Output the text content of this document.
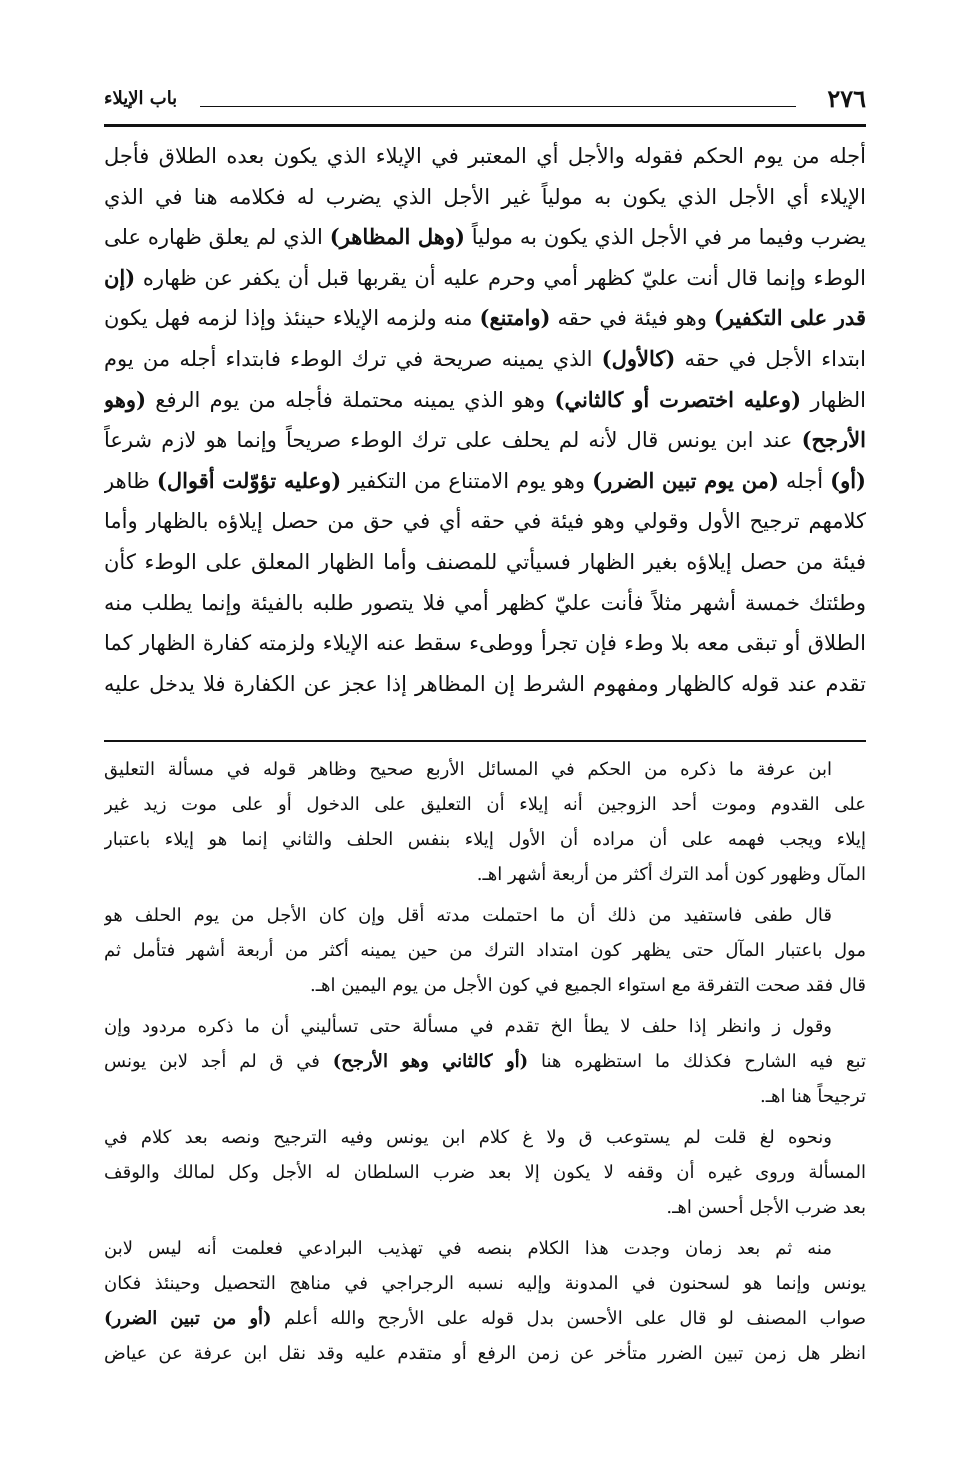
٢٧٦
باب الإيلاء
أجله من يوم الحكم فقوله والأجل أي المعتبر في الإيلاء الذي يكون بعده الطلاق فأجل
الإيلاء أي الأجل الذي يكون به مولياً غير الأجل الذي يضرب له فكلامه هنا في الذي
يضرب وفيما مر في الأجل الذي يكون به مولياً (وهل المظاهر) الذي لم يعلق ظهاره على
الوطء وإنما قال أنت عليّ كظهر أمي وحرم عليه أن يقربها قبل أن يكفر عن ظهاره (إن
قدر على التكفير) وهو فيئة في حقه (وامتنع) منه ولزمه الإيلاء حينئذ وإذا لزمه فهل يكون
ابتداء الأجل في حقه (كالأول) الذي يمينه صريحة في ترك الوطء فابتداء أجله من يوم
الظهار (وعليه اختصرت أو كالثاني) وهو الذي يمينه محتملة فأجله من يوم الرفع (وهو
الأرجح) عند ابن يونس قال لأنه لم يحلف على ترك الوطء صريحاً وإنما هو لازم شرعاً
(أو) أجله (من يوم تبين الضرر) وهو يوم الامتناع من التكفير (وعليه تؤوّلت أقوال) ظاهر
كلامهم ترجيح الأول وقولي وهو فيئة في حقه أي في حق من حصل إيلاؤه بالظهار وأما
فيئة من حصل إيلاؤه بغير الظهار فسيأتي للمصنف وأما الظهار المعلق على الوطء كأن
وطئتك خمسة أشهر مثلاً فأنت عليّ كظهر أمي فلا يتصور طلبه بالفيئة وإنما يطلب منه
الطلاق أو تبقى معه بلا وطء فإن تجرأ ووطىء سقط عنه الإيلاء ولزمته كفارة الظهار كما
تقدم عند قوله كالظهار ومفهوم الشرط إن المظاهر إذا عجز عن الكفارة فلا يدخل عليه
ابن عرفة ما ذكره من الحكم في المسائل الأربع صحيح وظاهر قوله في مسألة التعليق
على القدوم وموت أحد الزوجين أنه إيلاء أن التعليق على الدخول أو على موت زيد غير
إيلاء ويجب فهمه على أن مراده أن الأول إيلاء بنفس الحلف والثاني إنما هو إيلاء باعتبار
المآل وظهور كون أمد الترك أكثر من أربعة أشهر اهـ.
قال طفى فاستفيد من ذلك أن ما احتملت مدته أقل وإن كان الأجل من يوم الحلف هو
مول باعتبار المآل حتى يظهر كون امتداد الترك من حين يمينه أكثر من أربعة أشهر فتأمل ثم
قال فقد صحت التفرقة مع استواء الجميع في كون الأجل من يوم اليمين اهـ.
وقول ز وانظر إذا حلف لا يطأ الخ تقدم في مسألة حتى تسأليني أن ما ذكره مردود وإن
تبع فيه الشارح فكذلك ما استظهره هنا (أو كالثاني وهو الأرجح) في ق لم أجد لابن يونس
ترجيحاً هنا اهـ.
ونحوه لغ قلت لم يستوعب ق ولا غ كلام ابن يونس وفيه الترجيح ونصه بعد كلام في
المسألة وروى غيره أن وقفه لا يكون إلا بعد ضرب السلطان له الأجل وكل لمالك والوقف
بعد ضرب الأجل أحسن اهـ.
منه ثم بعد زمان وجدت هذا الكلام بنصه في تهذيب البرادعي فعلمت أنه ليس لابن
يونس وإنما هو لسحنون في المدونة وإليه نسبه الرجراجي في مناهج التحصيل وحينئذ فكان
صواب المصنف لو قال على الأحسن بدل قوله على الأرجح والله أعلم (أو من تبين الضرر)
انظر هل زمن تبين الضرر متأخر عن زمن الرفع أو متقدم عليه وقد نقل ابن عرفة عن عياض
